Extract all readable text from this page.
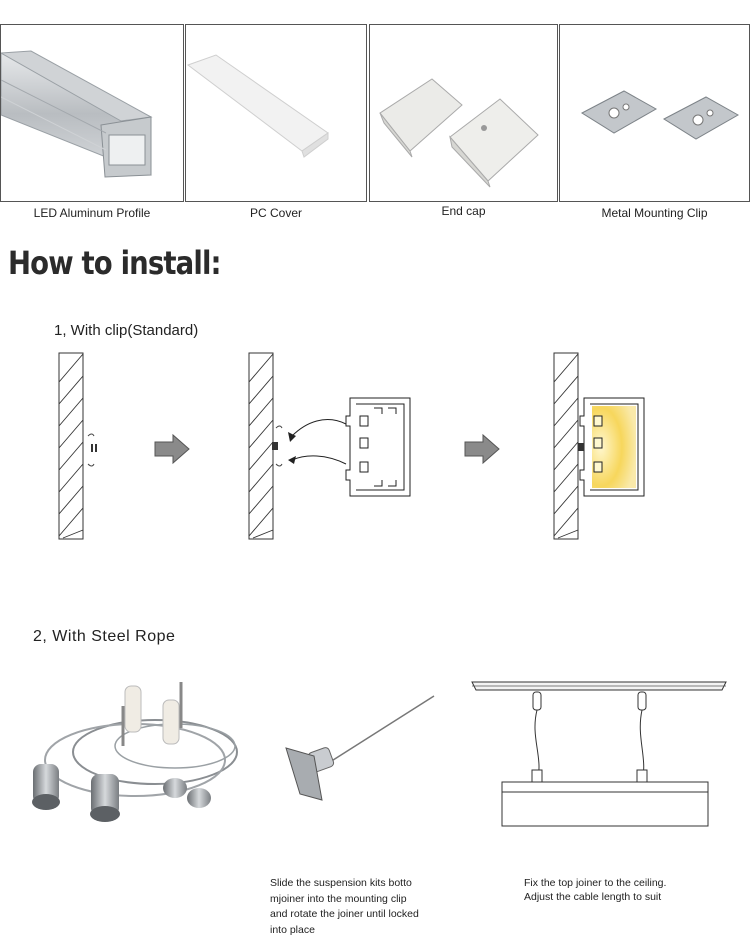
LED Aluminum Profile	PC Cover	End cap	Metal Mounting Clip
How to install:
1, With clip(Standard)
2, With Steel Rope
Slide the suspension kits botto
mjoiner into the mounting clip
and rotate the joiner until locked
into place
Fix the top joiner to the ceiling.
Adjust the cable length to suit
